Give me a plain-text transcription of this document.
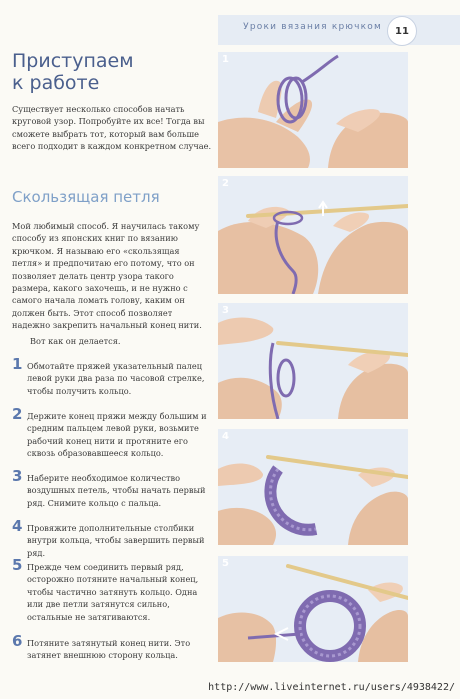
Уроки вязания крючком 11
Приступаем
к работе
Существует несколько способов начать круговой узор. Попробуйте их все! Тогда вы сможете выбрать тот, который вам больше всего подходит в каждом конкретном случае.
Скользящая петля
Мой любимый способ. Я научилась такому способу из японских книг по вязанию крючком. Я называю его «скользящая петля» и предпочитаю его потому, что он позволяет делать центр узора такого размера, какого захочешь, и не нужно с самого начала ломать голову, каким он должен быть. Этот способ позволяет надежно закрепить начальный конец нити.
Вот как он делается.
1 Обмотайте пряжей указательный палец левой руки два раза по часовой стрелке, чтобы получить кольцо.
2 Держите конец пряжи между большим и средним пальцем левой руки, возьмите рабочий конец нити и протяните его сквозь образовавшееся кольцо.
3 Наберите необходимое количество воздушных петель, чтобы начать первый ряд. Снимите кольцо с пальца.
4 Провяжите дополнительные столбики внутри кольца, чтобы завершить первый ряд.
5 Прежде чем соединить первый ряд, осторожно потяните начальный конец, чтобы частично затянуть кольцо. Одна или две петли затянутся сильно, остальные не затягиваются.
6 Потяните затянутый конец нити. Это затянет внешнюю сторону кольца.
1
2
3
4
5
http://www.liveinternet.ru/users/4938422/
